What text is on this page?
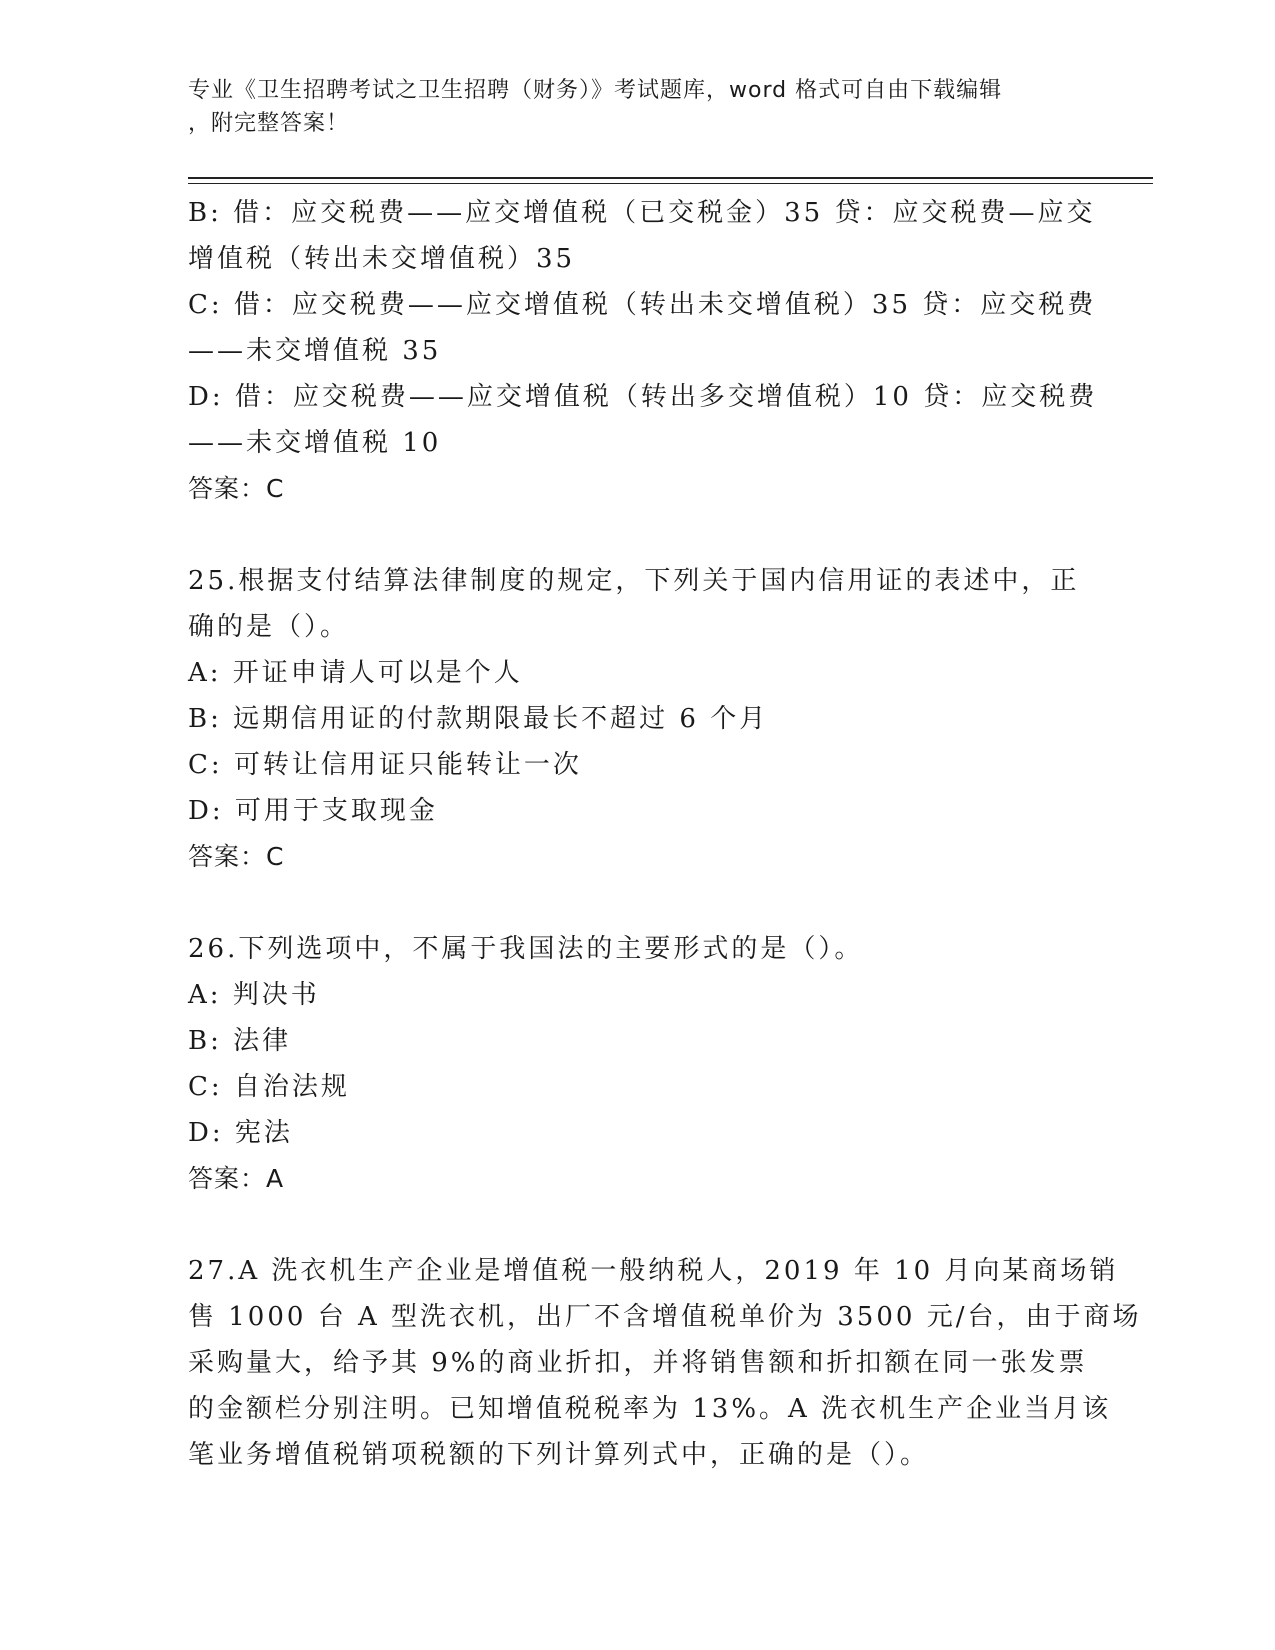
专业《卫生招聘考试之卫生招聘（财务）》考试题库，word 格式可自由下载编辑
，附完整答案！
B: 借：应交税费——应交增值税（已交税金）35 贷：应交税费—应交
增值税（转出未交增值税）35
C: 借：应交税费——应交增值税（转出未交增值税）35 贷：应交税费
——未交增值税 35
D: 借：应交税费——应交增值税（转出多交增值税）10 贷：应交税费
——未交增值税 10
答案：C
25.根据支付结算法律制度的规定，下列关于国内信用证的表述中，正
确的是（）。
A: 开证申请人可以是个人
B: 远期信用证的付款期限最长不超过 6 个月
C: 可转让信用证只能转让一次
D: 可用于支取现金
答案：C
26.下列选项中，不属于我国法的主要形式的是（）。
A: 判决书
B: 法律
C: 自治法规
D: 宪法
答案：A
27.A 洗衣机生产企业是增值税一般纳税人，2019 年 10 月向某商场销
售 1000 台 A 型洗衣机，出厂不含增值税单价为 3500 元/台，由于商场
采购量大，给予其 9%的商业折扣，并将销售额和折扣额在同一张发票
的金额栏分别注明。已知增值税税率为 13%。A 洗衣机生产企业当月该
笔业务增值税销项税额的下列计算列式中，正确的是（）。
